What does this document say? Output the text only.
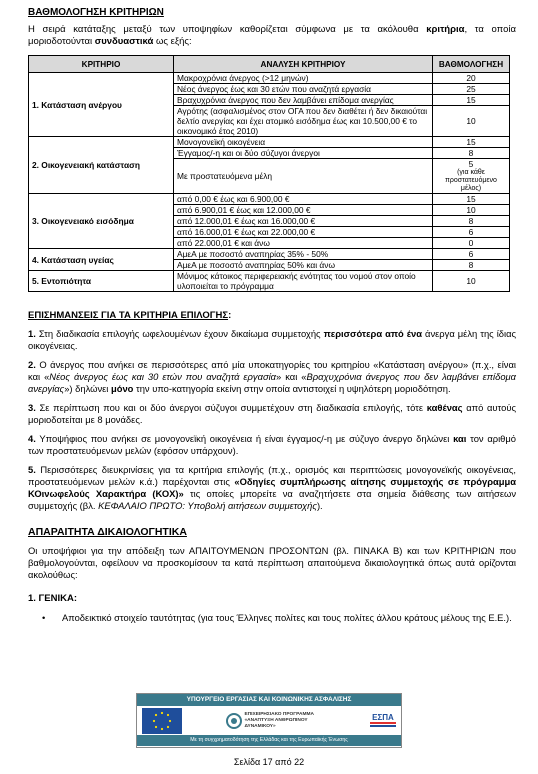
ΒΑΘΜΟΛΟΓΗΣΗ ΚΡΙΤΗΡΙΩΝ
Η σειρά κατάταξης μεταξύ των υποψηφίων καθορίζεται σύμφωνα με τα ακόλουθα κριτήρια, τα οποία μοριοδοτούνται συνδυαστικά ως εξής:
ΚΡΙΤΗΡΙΟ	ΑΝΑΛΥΣΗ ΚΡΙΤΗΡΙΟΥ	ΒΑΘΜΟΛΟΓΗΣΗ
1. Κατάσταση ανέργου	Μακροχρόνια άνεργος (>12 μηνών)	20
	Νέος άνεργος έως και 30 ετών που αναζητά εργασία	25
	Βραχυχρόνια άνεργος που δεν λαμβάνει επίδομα ανεργίας	15
	Αγρότης (ασφαλισμένος στον ΟΓΑ που δεν διαθέτει ή δεν δικαιούται δελτίο ανεργίας και έχει ατομικό εισόδημα έως και 10.500,00 € το οικονομικό έτος 2010)	10
2. Οικογενειακή κατάσταση	Μονογονεϊκή οικογένεια	15
	Έγγαμος/-η και οι δύο σύζυγοι άνεργοι	8
	Με προστατευόμενα μέλη	5
(για κάθε προστατευόμενο μέλος)

3. Οικογενειακό εισόδημα	από 0,00 € έως και 6.900,00 €	15
	από 6.900,01 € έως και 12.000,00 €	10
	από 12.000,01 € έως και 16.000,00 €	8
	από 16.000,01 € έως και 22.000,00 €	6
	από 22.000,01 € και άνω	0
4. Κατάσταση υγείας	ΑμεΑ με ποσοστό αναπηρίας 35% - 50%	6
	ΑμεΑ με ποσοστό αναπηρίας 50% και άνω	8
5. Εντοπιότητα	Μόνιμος κάτοικος περιφερειακής ενότητας του νομού στον οποίο υλοποιείται το πρόγραμμα	10
ΕΠΙΣΗΜΑΝΣΕΙΣ ΓΙΑ ΤΑ ΚΡΙΤΗΡΙΑ ΕΠΙΛΟΓΗΣ:
1. Στη διαδικασία επιλογής ωφελουμένων έχουν δικαίωμα συμμετοχής περισσότερα από ένα άνεργα μέλη της ίδιας οικογένειας.
2. Ο άνεργος που ανήκει σε περισσότερες από μία υποκατηγορίες του κριτηρίου «Κατάσταση ανέργου» (π.χ., είναι και «Νέος άνεργος έως και 30 ετών που αναζητά εργασία» και «Βραχυχρόνια άνεργος που δεν λαμβάνει επίδομα ανεργίας») δηλώνει μόνο την υπο-κατηγορία εκείνη στην οποία αντιστοιχεί η υψηλότερη μοριοδότηση.
3. Σε περίπτωση που και οι δύο άνεργοι σύζυγοι συμμετέχουν στη διαδικασία επιλογής, τότε καθένας από αυτούς μοριοδοτείται με 8 μονάδες.
4. Υποψήφιος που ανήκει σε μονογονεϊκή οικογένεια ή είναι έγγαμος/-η με σύζυγο άνεργο δηλώνει και τον αριθμό των προστατευόμενων μελών (εφόσον υπάρχουν).
5. Περισσότερες διευκρινίσεις για τα κριτήρια επιλογής (π.χ., ορισμός και περιπτώσεις μονογονεϊκής οικογένειας, προστατευόμενων μελών κ.ά.) παρέχονται στις «Οδηγίες συμπλήρωσης αίτησης συμμετοχής σε πρόγραμμα ΚΟινωφελούς Χαρακτήρα (ΚΟΧ)» τις οποίες μπορείτε να αναζητήσετε στα σημεία διάθεσης των αιτήσεων συμμετοχής (βλ. ΚΕΦΑΛΑΙΟ ΠΡΩΤΟ: Υποβολή αιτήσεων συμμετοχής).
ΑΠΑΡΑΙΤΗΤΑ ΔΙΚΑΙΟΛΟΓΗΤΙΚΑ
Οι υποψήφιοι για την απόδειξη των ΑΠΑΙΤΟΥΜΕΝΩΝ ΠΡΟΣΟΝΤΩΝ (βλ. ΠΙΝΑΚΑ Β) και των ΚΡΙΤΗΡΙΩΝ που βαθμολογούνται, οφείλουν να προσκομίσουν τα κατά περίπτωση απαιτούμενα δικαιολογητικά όπως αυτά ορίζονται ακολούθως:
1. ΓΕΝΙΚΑ:
•	Αποδεικτικό στοιχείο ταυτότητας (για τους Έλληνες πολίτες και τους πολίτες άλλου κράτους μέλους της Ε.Ε.).
ΥΠΟΥΡΓΕΙΟ ΕΡΓΑΣΙΑΣ ΚΑΙ ΚΟΙΝΩΝΙΚΗΣ ΑΣΦΑΛΙΣΗΣ
ΕΠΙΧΕΙΡΗΣΙΑΚΟ ΠΡΟΓΡΑΜΜΑ «ΑΝΑΠΤΥΞΗ ΑΝΘΡΩΠΙΝΟΥ ΔΥΝΑΜΙΚΟΥ»
ΕΣΠΑ
Με τη συγχρηματοδότηση της Ελλάδας και της Ευρωπαϊκής Ένωσης
Σελίδα 17 από 22
